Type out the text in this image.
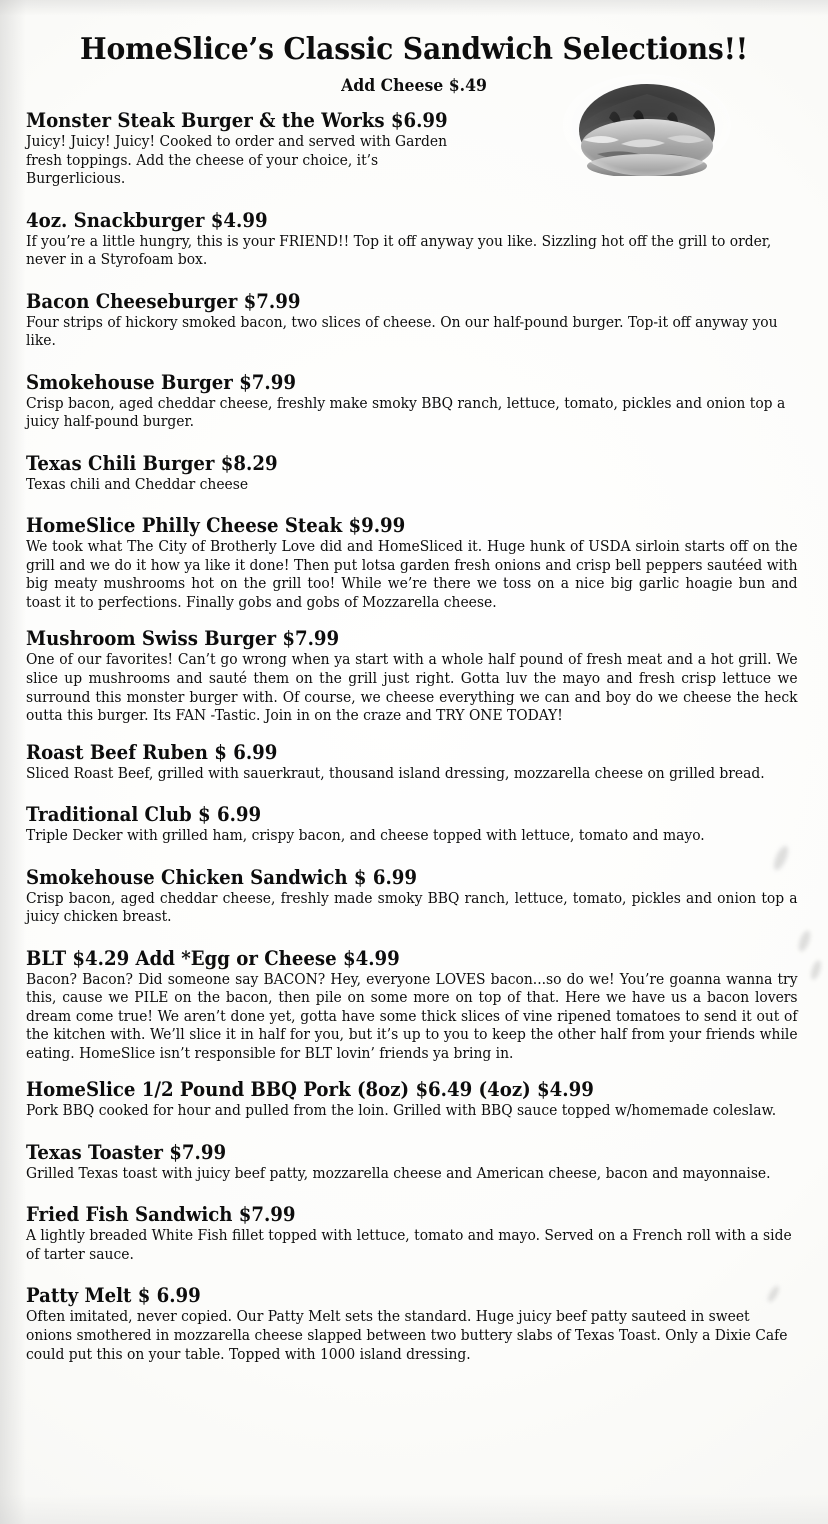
HomeSlice’s Classic Sandwich Selections!!
Add Cheese $.49
Monster Steak Burger & the Works $6.99
Juicy! Juicy! Juicy! Cooked to order and served with Garden fresh toppings. Add the cheese of your choice, it’s Burgerlicious.
4oz. Snackburger $4.99
If you’re a little hungry, this is your FRIEND!! Top it off anyway you like. Sizzling hot off the grill to order, never in a Styrofoam box.
Bacon Cheeseburger $7.99
Four strips of hickory smoked bacon, two slices of cheese. On our half-pound burger. Top-it off anyway you like.
Smokehouse Burger $7.99
Crisp bacon, aged cheddar cheese, freshly make smoky BBQ ranch, lettuce, tomato, pickles and onion top a juicy half-pound burger.
Texas Chili Burger $8.29
Texas chili and Cheddar cheese
HomeSlice Philly Cheese Steak $9.99
We took what The City of Brotherly Love did and HomeSliced it. Huge hunk of USDA sirloin starts off on the grill and we do it how ya like it done! Then put lotsa garden fresh onions and crisp bell peppers sautéed with big meaty mushrooms hot on the grill too! While we’re there we toss on a nice big garlic hoagie bun and toast it to perfections. Finally gobs and gobs of Mozzarella cheese.
Mushroom Swiss Burger $7.99
One of our favorites! Can’t go wrong when ya start with a whole half pound of fresh meat and a hot grill. We slice up mushrooms and sauté them on the grill just right. Gotta luv the mayo and fresh crisp lettuce we surround this monster burger with. Of course, we cheese everything we can and boy do we cheese the heck outta this burger. Its FAN -Tastic. Join in on the craze and TRY ONE TODAY!
Roast Beef Ruben $ 6.99
Sliced Roast Beef, grilled with sauerkraut, thousand island dressing, mozzarella cheese on grilled bread.
Traditional Club $ 6.99
Triple Decker with grilled ham, crispy bacon, and cheese topped with lettuce, tomato and mayo.
Smokehouse Chicken Sandwich $ 6.99
Crisp bacon, aged cheddar cheese, freshly made smoky BBQ ranch, lettuce, tomato, pickles and onion top a juicy chicken breast.
BLT $4.29 Add *Egg or Cheese $4.99
Bacon? Bacon? Did someone say BACON? Hey, everyone LOVES bacon...so do we! You’re goanna wanna try this, cause we PILE on the bacon, then pile on some more on top of that. Here we have us a bacon lovers dream come true! We aren’t done yet, gotta have some thick slices of vine ripened tomatoes to send it out of the kitchen with. We’ll slice it in half for you, but it’s up to you to keep the other half from your friends while eating. HomeSlice isn’t responsible for BLT lovin’ friends ya bring in.
HomeSlice 1/2 Pound BBQ Pork (8oz) $6.49 (4oz) $4.99
Pork BBQ cooked for hour and pulled from the loin. Grilled with BBQ sauce topped w/homemade coleslaw.
Texas Toaster $7.99
Grilled Texas toast with juicy beef patty, mozzarella cheese and American cheese, bacon and mayonnaise.
Fried Fish Sandwich $7.99
A lightly breaded White Fish fillet topped with lettuce, tomato and mayo. Served on a French roll with a side of tarter sauce.
Patty Melt $ 6.99
Often imitated, never copied. Our Patty Melt sets the standard. Huge juicy beef patty sauteed in sweet onions smothered in mozzarella cheese slapped between two buttery slabs of Texas Toast. Only a Dixie Cafe could put this on your table. Topped with 1000 island dressing.
